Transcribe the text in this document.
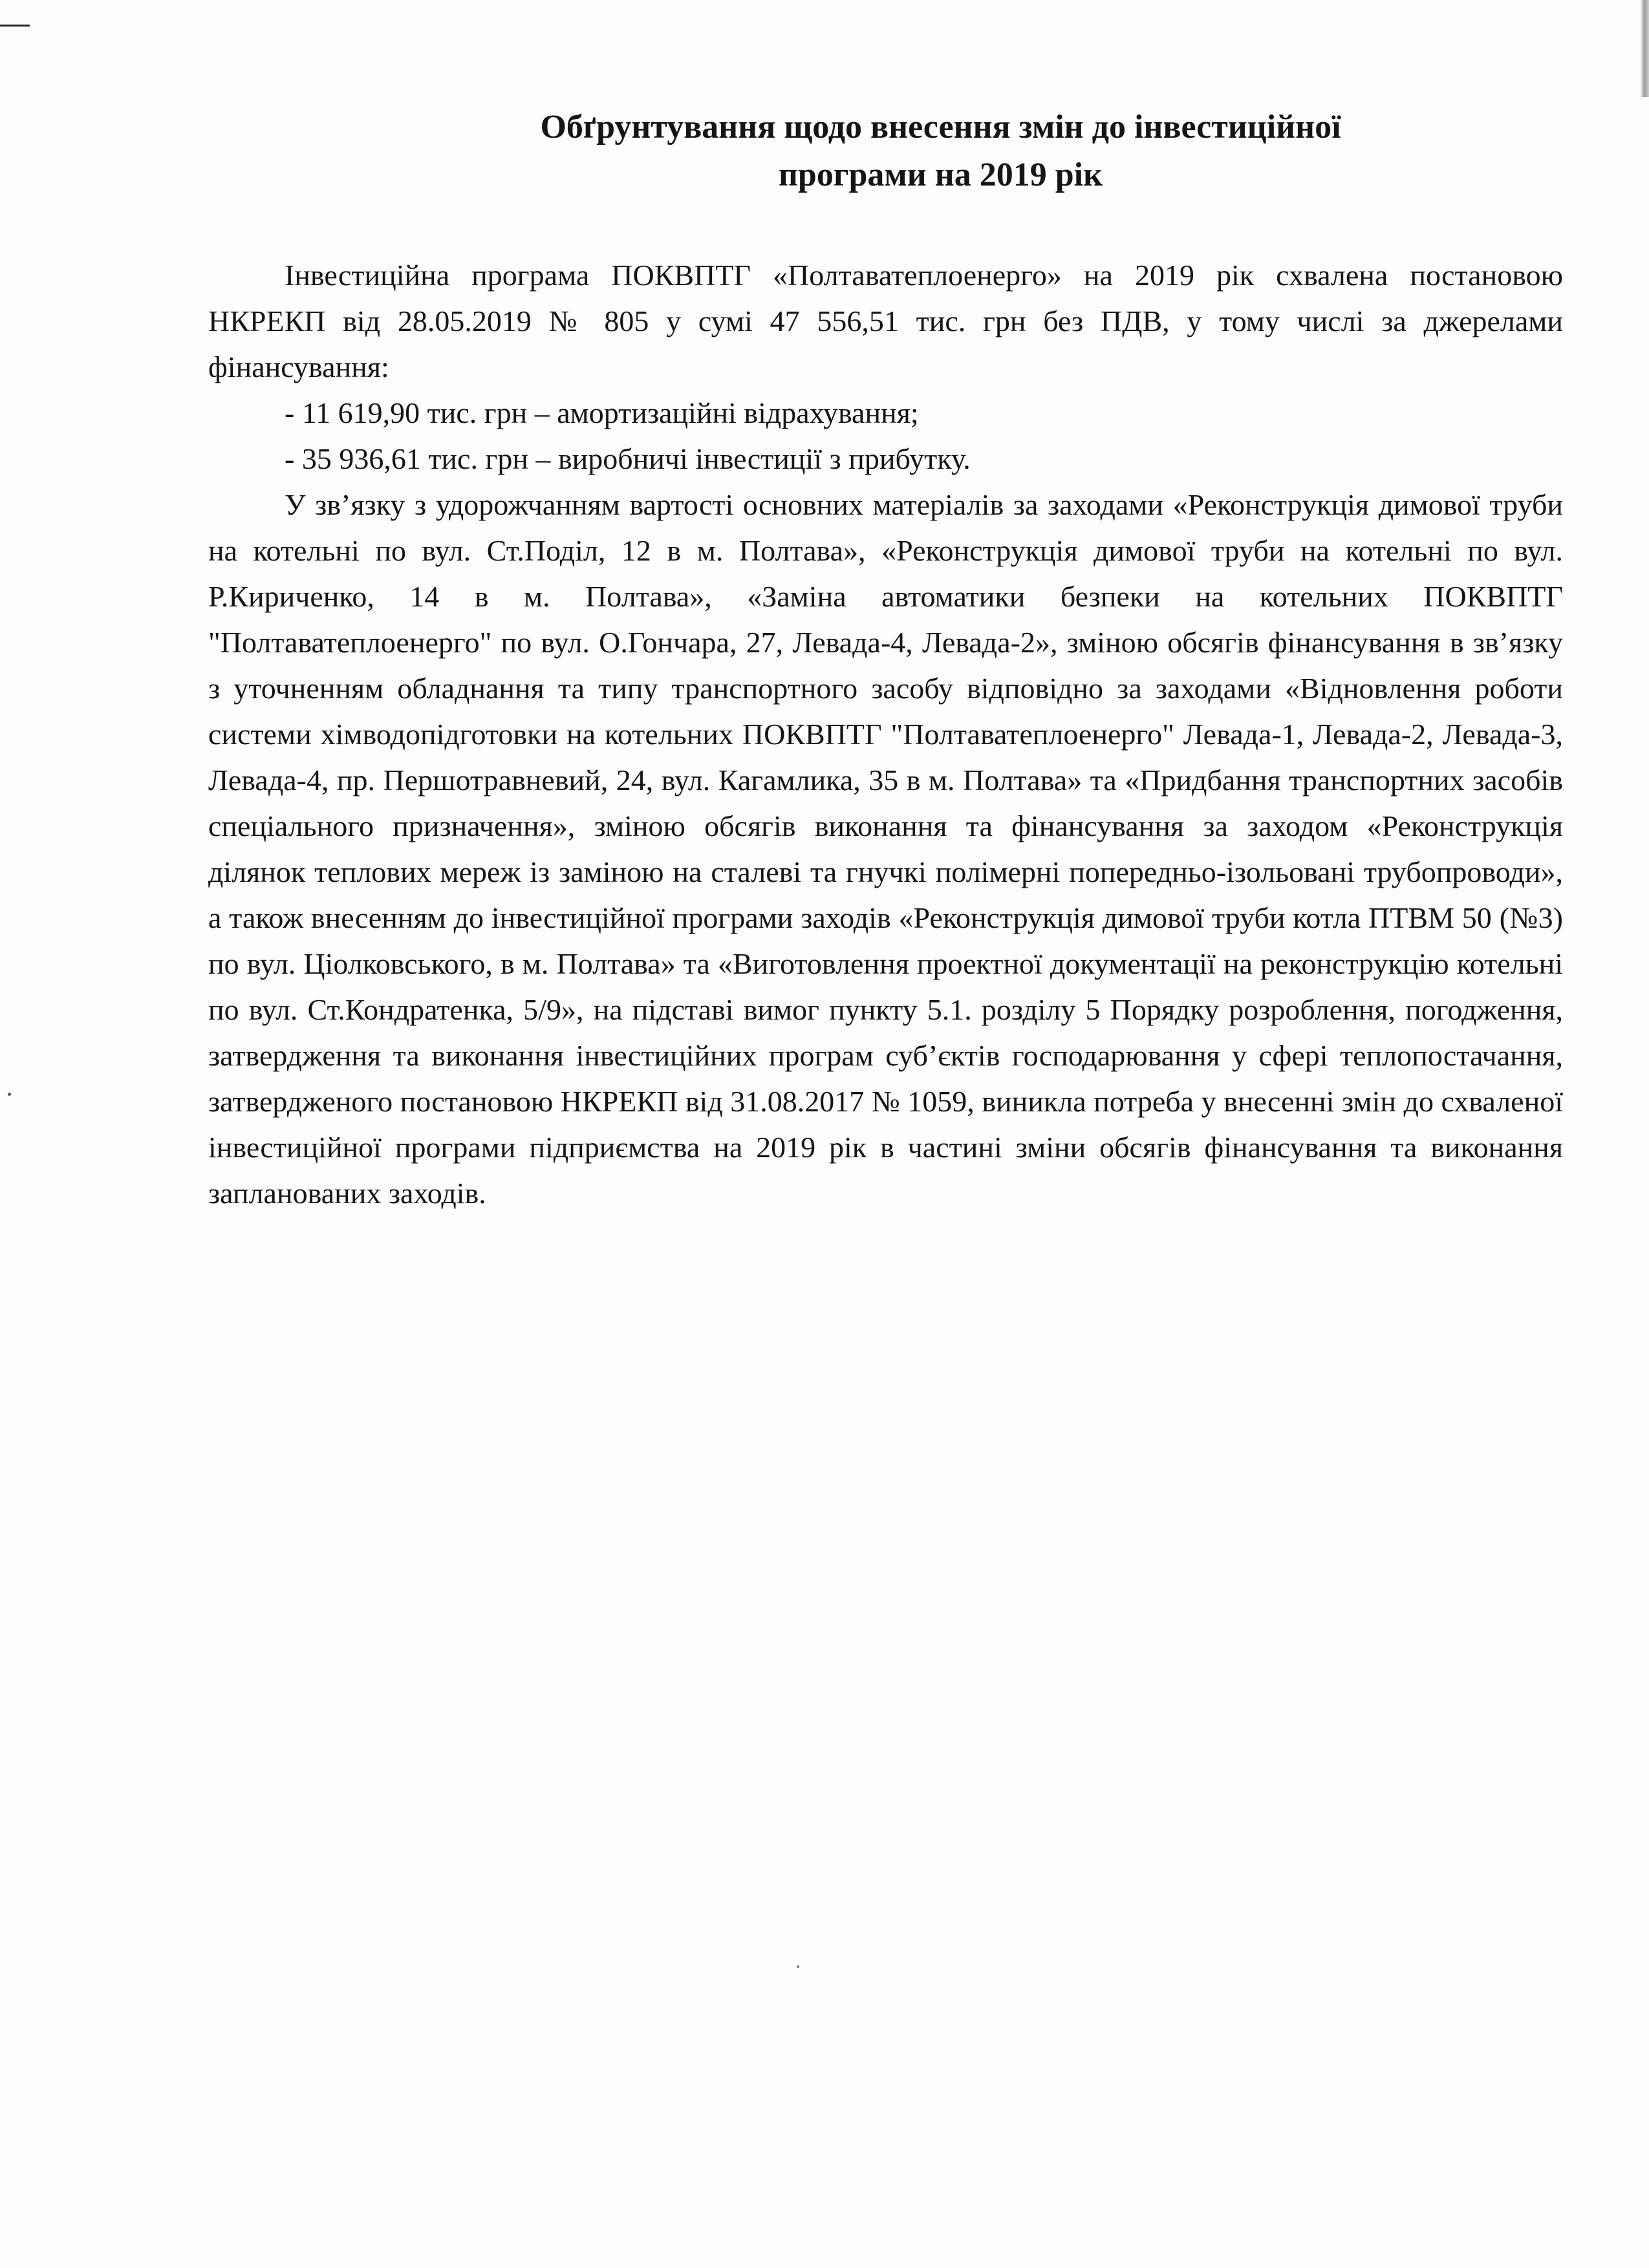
Обґрунтування щодо внесення змін до інвестиційної
програми на 2019 рік

Інвестиційна програма ПОКВПТГ «Полтаватеплоенерго» на 2019 рік схвалена постановою НКРЕКП від 28.05.2019 № 805 у сумі 47 556,51 тис. грн без ПДВ, у тому числі за джерелами фінансування:

- 11 619,90 тис. грн – амортизаційні відрахування;

- 35 936,61 тис. грн – виробничі інвестиції з прибутку.

У зв’язку з удорожчанням вартості основних матеріалів за заходами «Реконструкція димової труби на котельні по вул. Ст.Поділ, 12 в м. Полтава», «Реконструкція димової труби на котельні по вул. Р.Кириченко, 14 в м. Полтава», «Заміна автоматики безпеки на котельних ПОКВПТГ "Полтаватеплоенерго" по вул. О.Гончара, 27, Левада-4, Левада-2», зміною обсягів фінансування в зв’язку з уточненням обладнання та типу транспортного засобу відповідно за заходами «Відновлення роботи системи хімводопідготовки на котельних ПОКВПТГ "Полтаватеплоенерго" Левада-1, Левада-2, Левада-3, Левада-4, пр. Першотравневий, 24, вул. Кагамлика, 35 в м. Полтава» та «Придбання транспортних засобів спеціального призначення», зміною обсягів виконання та фінансування за заходом «Реконструкція ділянок теплових мереж із заміною на сталеві та гнучкі полімерні попередньо-ізольовані трубопроводи», а також внесенням до інвестиційної програми заходів «Реконструкція димової труби котла ПТВМ 50 (№3) по вул. Ціолковського, в м. Полтава» та «Виготовлення проектної документації на реконструкцію котельні по вул. Ст.Кондратенка, 5/9», на підставі вимог пункту 5.1. розділу 5 Порядку розроблення, погодження, затвердження та виконання інвестиційних програм суб’єктів господарювання у сфері теплопостачання, затвердженого постановою НКРЕКП від 31.08.2017 № 1059, виникла потреба у внесенні змін до схваленої інвестиційної програми підприємства на 2019 рік в частині зміни обсягів фінансування та виконання запланованих заходів.
